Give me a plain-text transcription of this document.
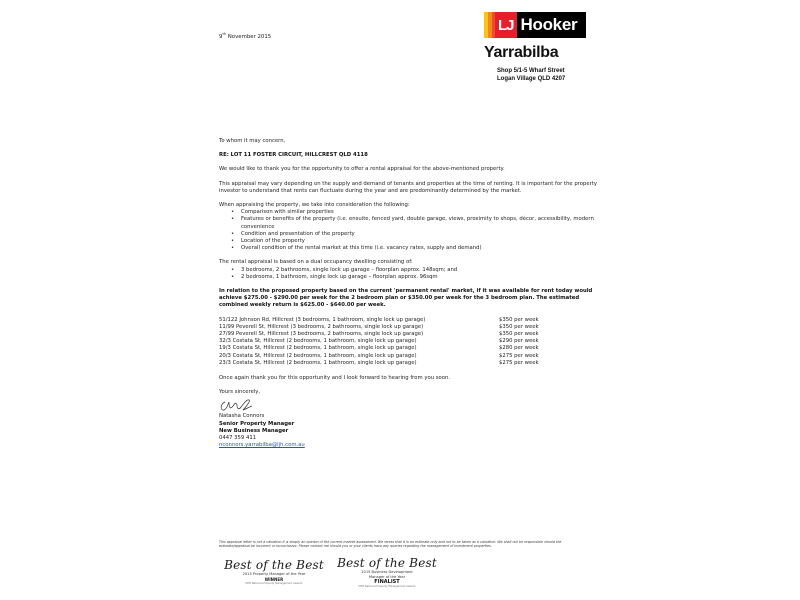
9th November 2015
LJ Hooker
Yarrabilba
Shop 5/1-5 Wharf Street
Logan Village QLD 4207

To whom it may concern,

RE: LOT 11 FOSTER CIRCUIT, HILLCREST QLD 4118

We would like to thank you for the opportunity to offer a rental appraisal for the above-mentioned property.

This appraisal may vary depending on the supply and demand of tenants and properties at the time of renting. It is important for the property investor to understand that rents can fluctuate during the year and are predominantly determined by the market.

When appraising the property, we take into consideration the following:

• Comparison with similar properties
• Features or benefits of the property (i.e. ensuite, fenced yard, double garage, views, proximity to shops, décor, accessibility, modern convenience
• Condition and presentation of the property
• Location of the property
• Overall condition of the rental market at this time (i.e. vacancy rates, supply and demand)

The rental appraisal is based on a dual occupancy dwelling consisting of:

• 3 bedrooms, 2 bathrooms, single lock up garage – floorplan approx. 148sqm; and
• 2 bedrooms, 1 bathroom, single lock up garage – floorplan approx. 96sqm

In relation to the proposed property based on the current 'permanent rental' market, if it was available for rent today would achieve $275.00 - $290.00 per week for the 2 bedroom plan or $350.00 per week for the 3 bedroom plan. The estimated combined weekly return is $625.00 - $640.00 per week.

51/122 Johnson Rd, Hillcrest (3 bedrooms, 1 bathroom, single lock up garage)	$350 per week
11/99 Peverell St, Hillcrest (3 bedrooms, 2 bathrooms, single lock up garage)	$350 per week
27/99 Peverell St, Hillcrest (3 bedrooms, 2 bathrooms, single lock up garage)	$350 per week
32/3 Costata St, Hillcrest (2 bedrooms, 1 bathroom, single lock up garage)	$290 per week
19/3 Costata St, Hillcrest (2 bedrooms, 1 bathroom, single lock up garage)	$280 per week
20/3 Costata St, Hillcrest (2 bedrooms, 1 bathroom, single lock up garage)	$275 per week
23/3 Costata St, Hillcrest (2 bedrooms, 1 bathroom, single lock up garage)	$275 per week

Once again thank you for this opportunity and I look forward to hearing from you soon.

Yours sincerely,
Natasha Connors
Senior Property Manager
New Business Manager
0447 359 411
nconnors.yarrabilba@ljh.com.au
This appraisal letter is not a valuation it is simply an opinion of the current market assessment. We stress that it is an estimate only and not to be taken as a valuation. We shall not be responsible should the estimate/appraisal be incorrect or inconclusive. Please contact me should you or your clients have any queries regarding the management of investment properties.
Best of the Best
2015 Property Manager of the Year
WINNER
PPM National Property Management Awards
Best of the Best
2015 Business Development
Manager of the Year
FINALIST
PPM National Property Management Awards
